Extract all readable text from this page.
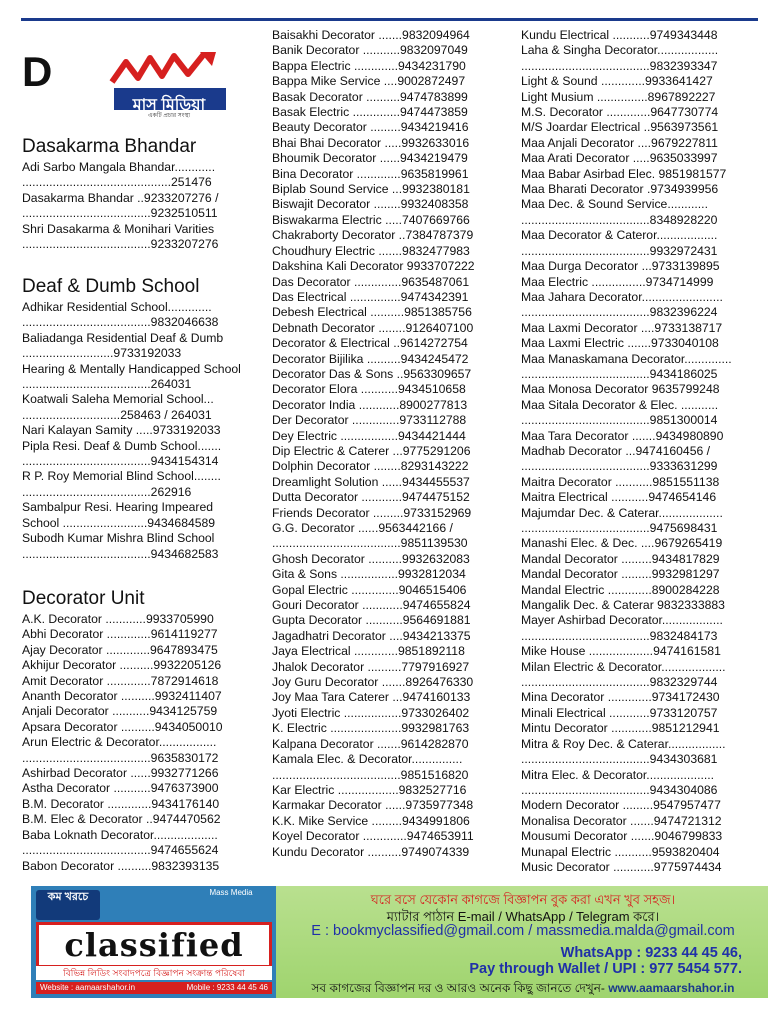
D
মাস মিডিয়া
একটি প্রচার সংস্থা
Dasakarma Bhandar
Adi Sarbo Mangala Bhandar............
............................................251476
Dasakarma Bhandar ..9233207276 /
......................................9232510511
Shri Dasakarma & Monihari Varities
......................................9233207276
Deaf & Dumb School
Adhikar Residential School.............
......................................9832046638
Baliadanga Residential Deaf & Dumb
...........................9733192033
Hearing & Mentally Handicapped School
......................................264031
Koatwali Saleha Memorial School...
.............................258463 / 264031
Nari Kalayan Samity .....9733192033
Pipla Resi. Deaf & Dumb School.......
......................................9434154314
R P. Roy Memorial Blind School........
......................................262916
Sambalpur Resi. Hearing Impeared
School .........................9434684589
Subodh Kumar Mishra Blind School
......................................9434682583
Decorator Unit
A.K. Decorator ............9933705990
Abhi Decorator .............9614119277
Ajay Decorator .............9647893475
Akhijur Decorator ..........9932205126
Amit Decorator .............7872914618
Ananth Decorator ..........9932411407
Anjali Decorator ...........9434125759
Apsara Decorator ..........9434050010
Arun Electric & Decorator.................
......................................9635830172
Ashirbad Decorator ......9932771266
Astha Decorator ...........9476373900
B.M. Decorator .............9434176140
B.M. Elec & Decorator ..9474470562
Baba Loknath Decorator...................
......................................9474655624
Babon Decorator ..........9832393135
Baisakhi Decorator .......9832094964
Banik Decorator ...........9832097049
Bappa Electric .............9434231790
Bappa Mike Service ....9002872497
Basak Decorator ..........9474783899
Basak Electric ..............9474473859
Beauty Decorator .........9434219416
Bhai Bhai Decorator .....9932633016
Bhoumik Decorator ......9434219479
Bina Decorator .............9635819961
Biplab Sound Service ...9932380181
Biswajit Decorator ........9932408358
Biswakarma Electric .....7407669766
Chakraborty Decorator ..7384787379
Choudhury Electric .......9832477983
Dakshina Kali Decorator 9933707222
Das Decorator ..............9635487061
Das Electrical ...............9474342391
Debesh Electrical ..........9851385756
Debnath Decorator ........9126407100
Decorator & Electrical ..9614272754
Decorator Bijilika ..........9434245472
Decorator Das & Sons ..9563309657
Decorator Elora ...........9434510658
Decorator India ............8900277813
Der Decorator ..............9733112788
Dey Electric .................9434421444
Dip Electric & Caterer ...9775291206
Dolphin Decorator ........8293143222
Dreamlight Solution ......9434455537
Dutta Decorator ............9474475152
Friends Decorator .........9733152969
G.G. Decorator ......9563442166 /
......................................9851139530
Ghosh Decorator ..........9932632083
Gita & Sons .................9932812034
Gopal Electric ..............9046515406
Gouri Decorator ............9474655824
Gupta Decorator ...........9564691881
Jagadhatri Decorator ....9434213375
Jaya Electrical .............9851892118
Jhalok Decorator ..........7797916927
Joy Guru Decorator .......8926476330
Joy Maa Tara Caterer ...9474160133
Jyoti Electric .................9733026402
K. Electric .....................9932981763
Kalpana Decorator .......9614282870
Kamala Elec. & Decorator...............
......................................9851516820
Kar Electric ..................9832527716
Karmakar Decorator ......9735977348
K.K. Mike Service .........9434991806
Koyel Decorator .............9474653911
Kundu Decorator ..........9749074339
Kundu Electrical ...........9749343448
Laha & Singha Decorator..................
......................................9832393347
Light & Sound .............9933641427
Light Musium ...............8967892227
M.S. Decorator .............9647730774
M/S Joardar Electrical ..9563973561
Maa Anjali Decorator ....9679227811
Maa Arati Decorator .....9635033997
Maa Babar Asirbad Elec. 9851981577
Maa Bharati Decorator .9734939956
Maa Dec. & Sound Service............
......................................8348928220
Maa Decorator & Cateror..................
......................................9932972431
Maa Durga Decorator ...9733139895
Maa Electric ................9734714999
Maa Jahara Decorator........................
......................................9832396224
Maa Laxmi Decorator ....9733138717
Maa Laxmi Electric .......9733040108
Maa Manaskamana Decorator..............
......................................9434186025
Maa Monosa Decorator 9635799248
Maa Sitala Decorator & Elec. ...........
......................................9851300014
Maa Tara Decorator .......9434980890
Madhab Decorator ...9474160456 /
......................................9333631299
Maitra Decorator ...........9851551138
Maitra Electrical ...........9474654146
Majumdar Dec. & Caterar...................
......................................9475698431
Manashi Elec. & Dec. ....9679265419
Mandal Decorator .........9434817829
Mandal Decorator .........9932981297
Mandal Electric .............8900284228
Mangalik Dec. & Caterar 9832333883
Mayer Ashirbad Decorator..................
......................................9832484173
Mike House ...................9474161581
Milan Electric & Decorator...................
......................................9832329744
Mina Decorator .............9734172430
Minali Electrical ............9733120757
Mintu Decorator ............9851212941
Mitra & Roy Dec. & Caterar.................
......................................9434303681
Mitra Elec. & Decorator....................
......................................9434304086
Modern Decorator .........9547957477
Monalisa Decorator .......9474721312
Mousumi Decorator .......9046799833
Munapal Electric ...........9593820404
Music Decorator ............9775974434
কম খরচে	Mass Media
classified
বিভিন্ন লিডিং সংবাদপত্রে বিজ্ঞাপন সংক্রান্ত পরিষেবা
Website : aamaarshahor.in	Mobile : 9233 44 45 46
ঘরে বসে যেকোন কাগজে বিজ্ঞাপন বুক করা এখন খুব সহজ।
ম্যাটার পাঠান E-mail / WhatsApp / Telegram করে।
E : bookmyclassified@gmail.com / massmedia.malda@gmail.com
WhatsApp : 9233 44 45 46,
Pay through Wallet / UPI : 977 5454 577.
সব কাগজের বিজ্ঞাপন দর ও আরও অনেক কিছু জানতে দেখুন- www.aamaarshahor.in
